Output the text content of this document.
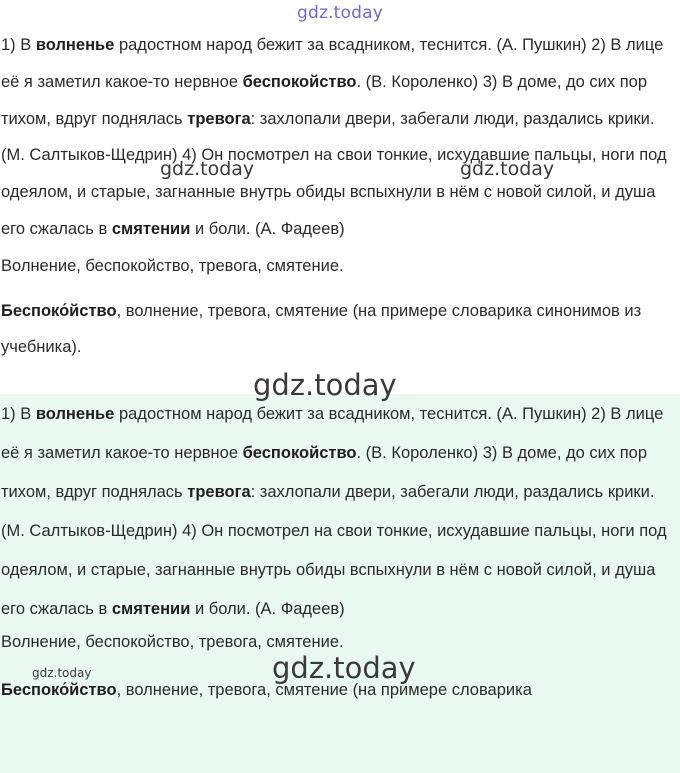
1) В волненье радостном народ бежит за всадником, теснится. (А. Пушкин) 2) В лице её я заметил какое-то нервное беспокойство. (В. Короленко) 3) В доме, до сих пор тихом, вдруг поднялась тревога: захлопали двери, забегали люди, раздались крики. (М. Салтыков-Щедрин) 4) Он посмотрел на свои тонкие, исхудавшие пальцы, ноги под одеялом, и старые, загнанные внутрь обиды вспыхнули в нём с новой силой, и душа его сжалась в смятении и боли. (А. Фадеев)

Волнение, беспокойство, тревога, смятение.

Беспоко́йство, волнение, тревога, смятение (на примере словарика синонимов из учебника).

1) В волненье радостном народ бежит за всадником, теснится. (А. Пушкин) 2) В лице её я заметил какое-то нервное беспокойство. (В. Короленко) 3) В доме, до сих пор тихом, вдруг поднялась тревога: захлопали двери, забегали люди, раздались крики. (М. Салтыков-Щедрин) 4) Он посмотрел на свои тонкие, исхудавшие пальцы, ноги под одеялом, и старые, загнанные внутрь обиды вспыхнули в нём с новой силой, и душа его сжалась в смятении и боли. (А. Фадеев)

Волнение, беспокойство, тревога, смятение.

Беспоко́йство, волнение, тревога, смятение (на примере словарика

gdz.today
gdz.today	gdz.today
gdz.today
gdz.today	gdz.today
